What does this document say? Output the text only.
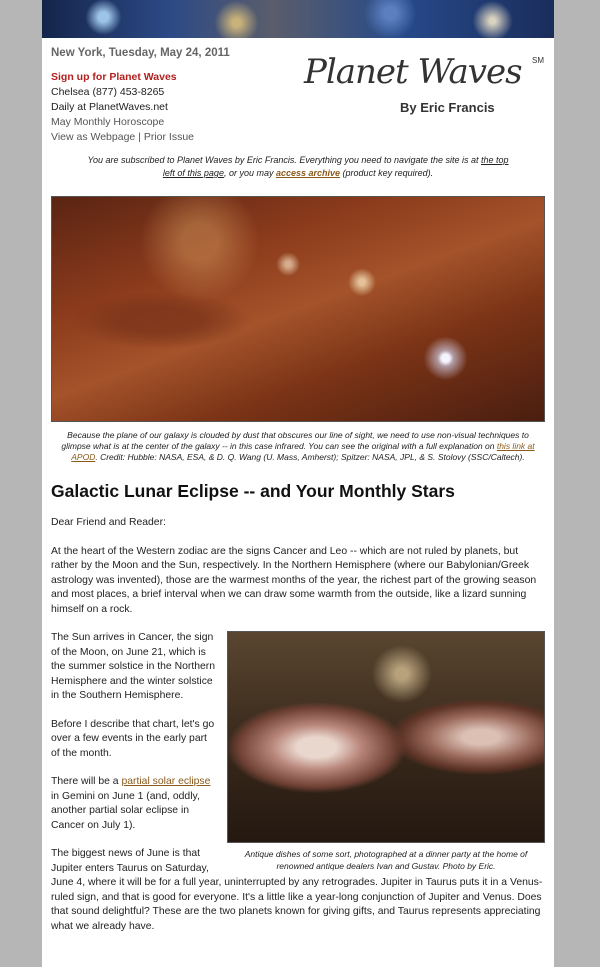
New York, Tuesday, May 24, 2011
Sign up for Planet Waves
Chelsea (877) 453-8265
Daily at PlanetWaves.net
May Monthly Horoscope
View as Webpage | Prior Issue
Planet Waves SM
By Eric Francis
You are subscribed to Planet Waves by Eric Francis. Everything you need to navigate the site is at the top left of this page, or you may access archive (product key required).
Because the plane of our galaxy is clouded by dust that obscures our line of sight, we need to use non-visual techniques to glimpse what is at the center of the galaxy -- in this case infrared. You can see the original with a full explanation on this link at APOD. Credit: Hubble: NASA, ESA, & D. Q. Wang (U. Mass, Amherst); Spitzer: NASA, JPL, & S. Stolovy (SSC/Caltech).
Galactic Lunar Eclipse -- and Your Monthly Stars

Dear Friend and Reader:

At the heart of the Western zodiac are the signs Cancer and Leo -- which are not ruled by planets, but rather by the Moon and the Sun, respectively. In the Northern Hemisphere (where our Babylonian/Greek astrology was invented), those are the warmest months of the year, the richest part of the growing season and most places, a brief interval when we can draw some warmth from the outside, like a lizard sunning himself on a rock.

Antique dishes of some sort, photographed at a dinner party at the home of renowned antique dealers Ivan and Gustav. Photo by Eric.

The Sun arrives in Cancer, the sign of the Moon, on June 21, which is the summer solstice in the Northern Hemisphere and the winter solstice in the Southern Hemisphere.

Before I describe that chart, let's go over a few events in the early part of the month.

There will be a partial solar eclipse in Gemini on June 1 (and, oddly, another partial solar eclipse in Cancer on July 1).

The biggest news of June is that Jupiter enters Taurus on Saturday, June 4, where it will be for a full year, uninterrupted by any retrogrades. Jupiter in Taurus puts it in a Venus-ruled sign, and that is good for everyone. It's a little like a year-long conjunction of Jupiter and Venus. Does that sound delightful? These are the two planets known for giving gifts, and Taurus represents appreciating what we already have.
